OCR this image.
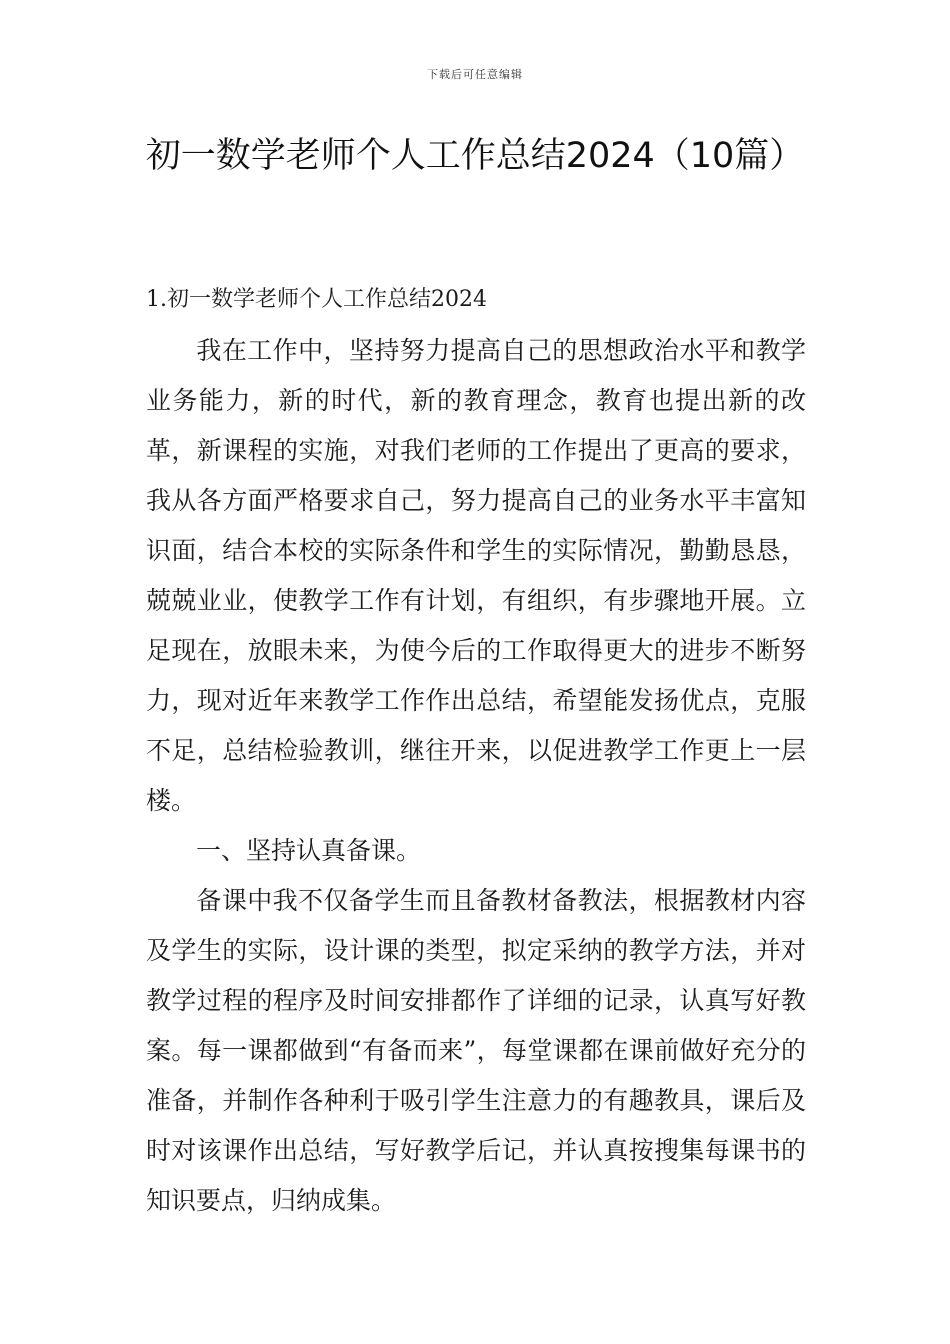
下载后可任意编辑
初一数学老师个人工作总结2024（10篇）
1.初一数学老师个人工作总结2024

我在工作中，坚持努力提高自己的思想政治水平和教学业务能力，新的时代，新的教育理念，教育也提出新的改革，新课程的实施，对我们老师的工作提出了更高的要求，我从各方面严格要求自己，努力提高自己的业务水平丰富知识面，结合本校的实际条件和学生的实际情况，勤勤恳恳，兢兢业业，使教学工作有计划，有组织，有步骤地开展。立足现在，放眼未来，为使今后的工作取得更大的进步不断努力，现对近年来教学工作作出总结，希望能发扬优点，克服不足，总结检验教训，继往开来，以促进教学工作更上一层楼。

一、坚持认真备课。

备课中我不仅备学生而且备教材备教法，根据教材内容及学生的实际，设计课的类型，拟定采纳的教学方法，并对教学过程的程序及时间安排都作了详细的记录，认真写好教案。每一课都做到“有备而来”，每堂课都在课前做好充分的准备，并制作各种利于吸引学生注意力的有趣教具，课后及时对该课作出总结，写好教学后记，并认真按搜集每课书的知识要点，归纳成集。
